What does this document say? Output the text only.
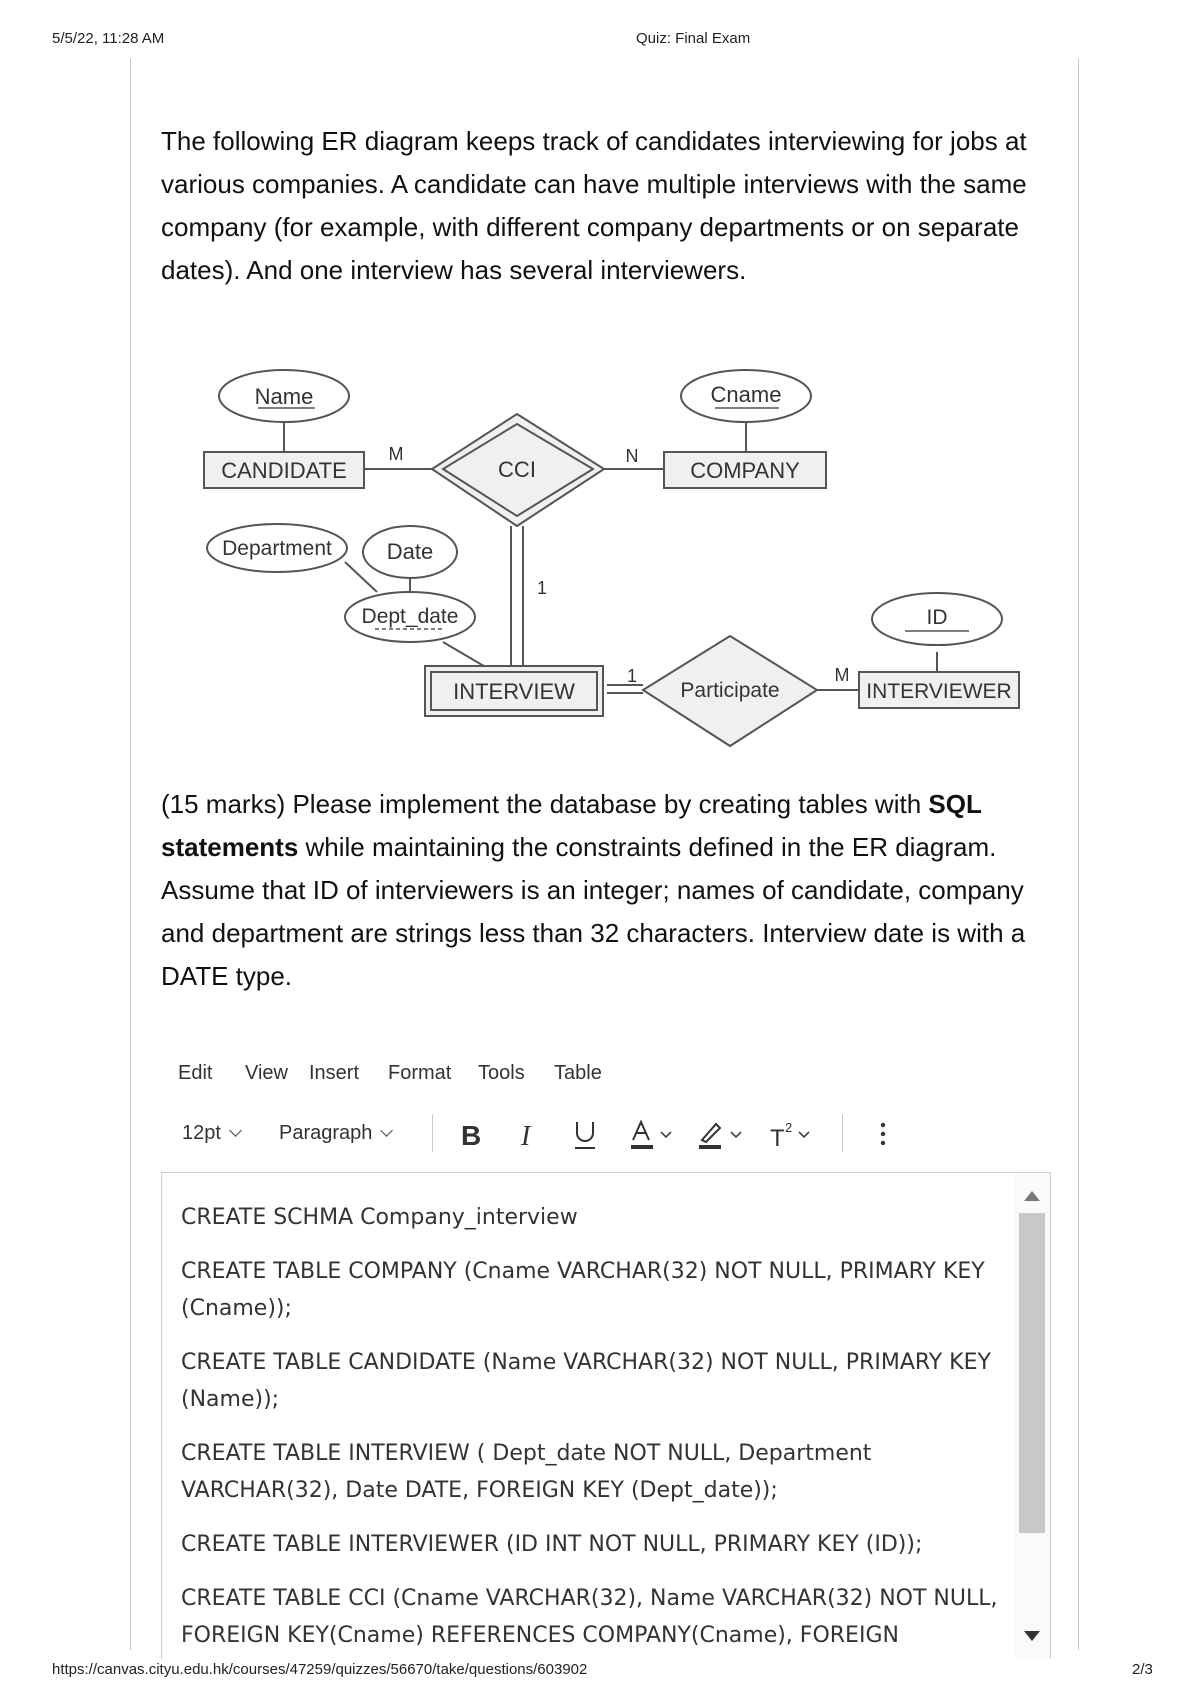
5/5/22, 11:28 AM	Quiz: Final Exam

The following ER diagram keeps track of candidates interviewing for jobs at various companies. A candidate can have multiple interviews with the same company (for example, with different company departments or on separate dates). And one interview has several interviewers.

Name	Cname
Department Date
Dept_date	ID
CANDIDATE	COMPANY
INTERVIEW	INTERVIEWER
CCI
Participate
M	N
1
1	M

(15 marks) Please implement the database by creating tables with SQL statements while maintaining the constraints defined in the ER diagram. Assume that ID of interviewers is an integer; names of candidate, company and department are strings less than 32 characters. Interview date is with a DATE type.

Edit View Insert Format Tools Table
12pt	Paragraph	B I	T 2

CREATE SCHMA Company_interview

CREATE TABLE COMPANY (Cname VARCHAR(32) NOT NULL, PRIMARY KEY (Cname));

CREATE TABLE CANDIDATE (Name VARCHAR(32) NOT NULL, PRIMARY KEY (Name));

CREATE TABLE INTERVIEW ( Dept_date NOT NULL, Department VARCHAR(32), Date DATE, FOREIGN KEY (Dept_date));

CREATE TABLE INTERVIEWER (ID INT NOT NULL, PRIMARY KEY (ID));

CREATE TABLE CCI (Cname VARCHAR(32), Name VARCHAR(32) NOT NULL, FOREIGN KEY(Cname) REFERENCES COMPANY(Cname), FOREIGN

https://canvas.cityu.edu.hk/courses/47259/quizzes/56670/take/questions/603902	2/3
